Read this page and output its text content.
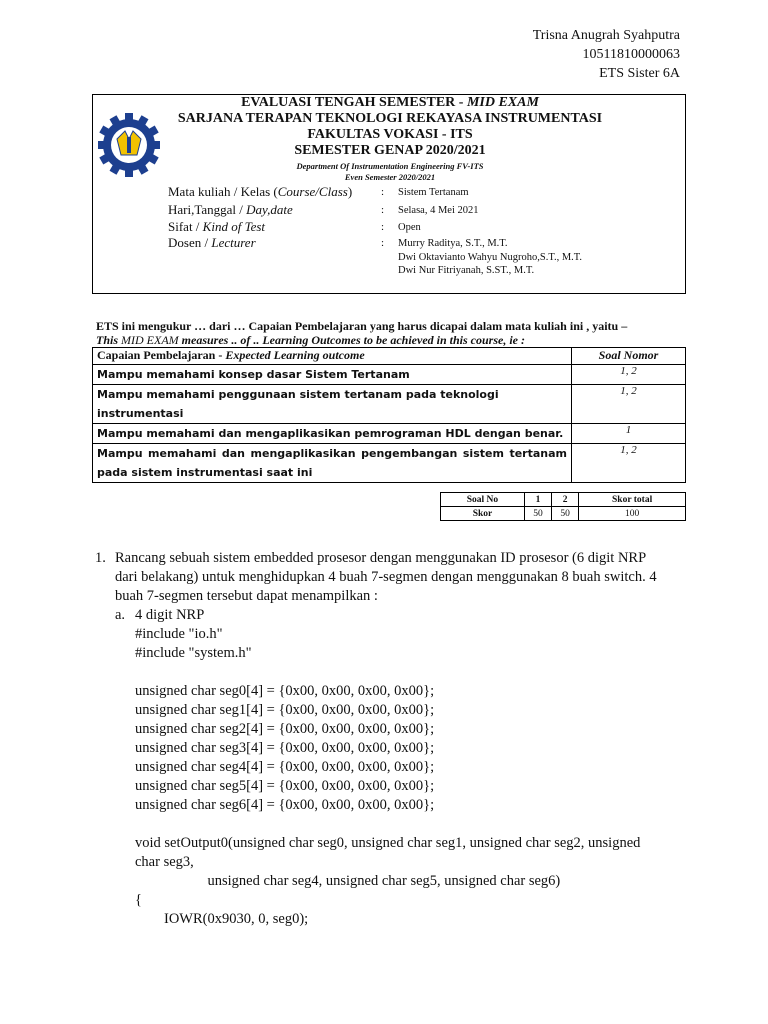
Trisna Anugrah Syahputra
10511810000063
ETS Sister 6A
EVALUASI TENGAH SEMESTER - MID EXAM
SARJANA TERAPAN TEKNOLOGI REKAYASA INSTRUMENTASI
FAKULTAS VOKASI - ITS
SEMESTER GENAP 2020/2021
Department Of Instrumentation Engineering FV-ITS
Even Semester 2020/2021
Mata kuliah / Kelas (Course/Class)	: Sistem Tertanam
Hari,Tanggal / Day,date	: Selasa, 4 Mei 2021
Sifat / Kind of Test	: Open
Dosen / Lecturer	: Murry Raditya, S.T., M.T.
Dwi Oktavianto Wahyu Nugroho,S.T., M.T.
Dwi Nur Fitriyanah, S.ST., M.T.
ETS ini mengukur … dari … Capaian Pembelajaran yang harus dicapai dalam mata kuliah ini , yaitu –
This MID EXAM measures .. of .. Learning Outcomes to be achieved in this course, ie :
Capaian Pembelajaran - Expected Learning outcome	Soal Nomor
Mampu memahami konsep dasar Sistem Tertanam	1, 2
Mampu memahami penggunaan sistem tertanam pada teknologi instrumentasi	1, 2
Mampu memahami dan mengaplikasikan pemrograman HDL dengan benar.	1
Mampu memahami dan mengaplikasikan pengembangan sistem tertanam pada sistem instrumentasi saat ini	1, 2
Soal No	1	2	Skor total
Skor	50	50	100
1. Rancang sebuah sistem embedded prosesor dengan menggunakan ID prosesor (6 digit NRP
dari belakang) untuk menghidupkan 4 buah 7-segmen dengan menggunakan 8 buah switch. 4
buah 7-segmen tersebut dapat menampilkan :
a. 4 digit NRP
#include "io.h"
#include "system.h"
unsigned char seg0[4] = {0x00, 0x00, 0x00, 0x00};
unsigned char seg1[4] = {0x00, 0x00, 0x00, 0x00};
unsigned char seg2[4] = {0x00, 0x00, 0x00, 0x00};
unsigned char seg3[4] = {0x00, 0x00, 0x00, 0x00};
unsigned char seg4[4] = {0x00, 0x00, 0x00, 0x00};
unsigned char seg5[4] = {0x00, 0x00, 0x00, 0x00};
unsigned char seg6[4] = {0x00, 0x00, 0x00, 0x00};
void setOutput0(unsigned char seg0, unsigned char seg1, unsigned char seg2, unsigned
char seg3,
unsigned char seg4, unsigned char seg5, unsigned char seg6)
{
IOWR(0x9030, 0, seg0);
